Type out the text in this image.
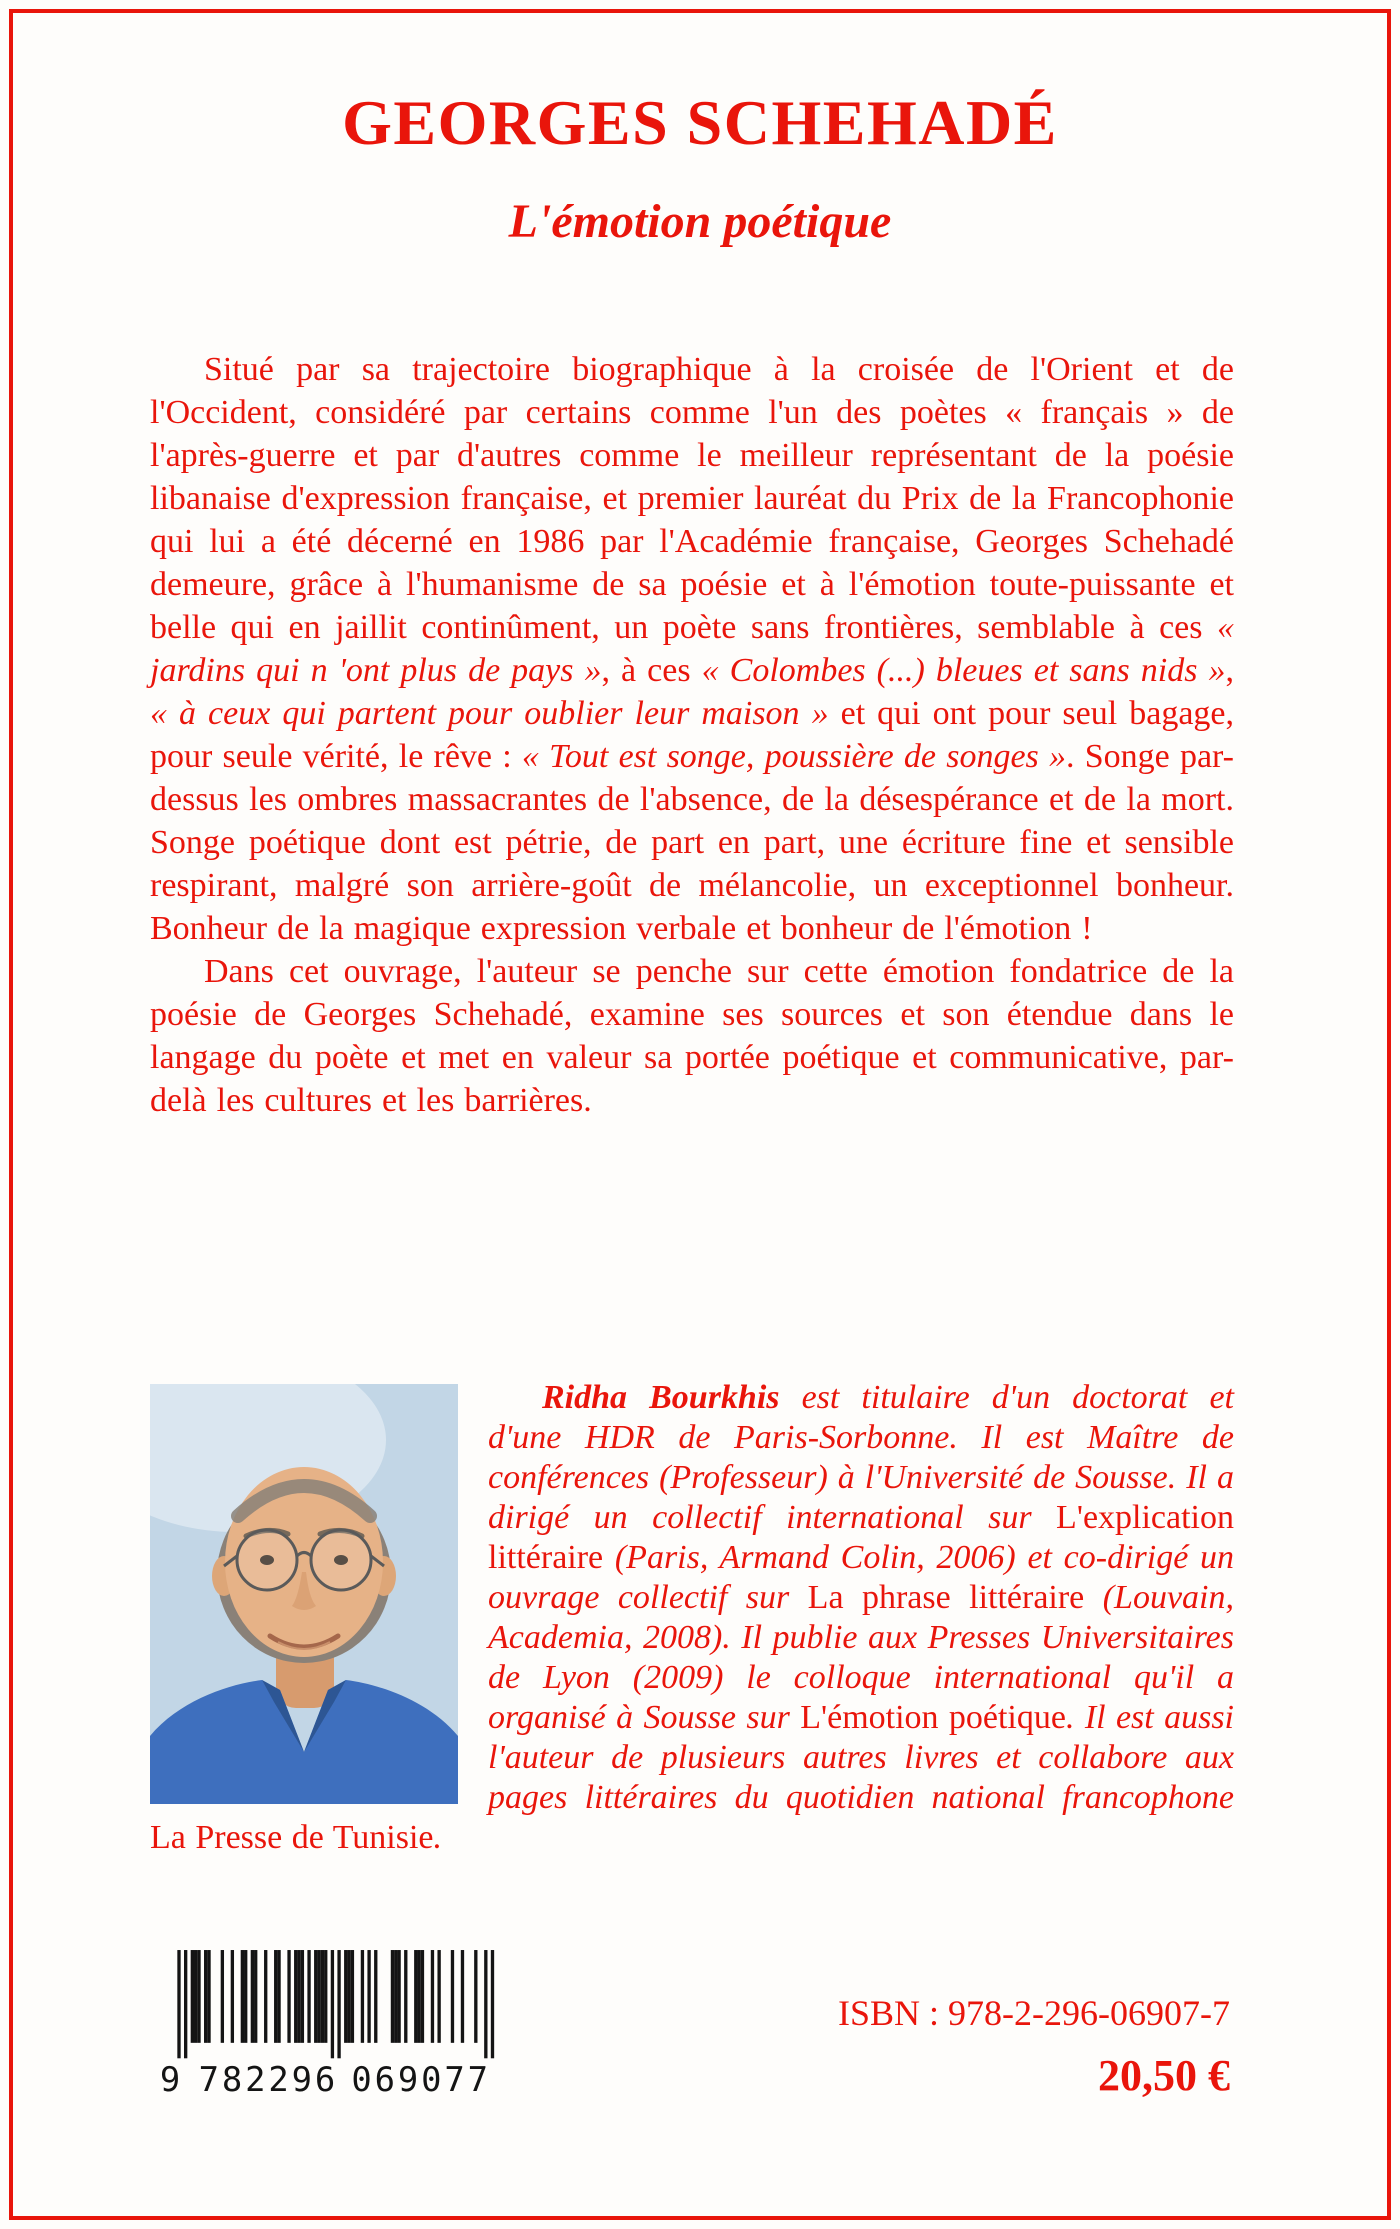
GEORGES SCHEHADÉ
L'émotion poétique

Situé par sa trajectoire biographique à la croisée de l'Orient et de l'Occident, considéré par certains comme l'un des poètes « français » de l'après-guerre et par d'autres comme le meilleur représentant de la poésie libanaise d'expression française, et premier lauréat du Prix de la Francophonie qui lui a été décerné en 1986 par l'Académie française, Georges Schehadé demeure, grâce à l'humanisme de sa poésie et à l'émotion toute-puissante et belle qui en jaillit continûment, un poète sans frontières, semblable à ces « jardins qui n 'ont plus de pays », à ces « Colombes (...) bleues et sans nids », « à ceux qui partent pour oublier leur maison » et qui ont pour seul bagage, pour seule vérité, le rêve : « Tout est songe, poussière de songes ». Songe par-dessus les ombres massacrantes de l'absence, de la désespérance et de la mort. Songe poétique dont est pétrie, de part en part, une écriture fine et sensible respirant, malgré son arrière-goût de mélancolie, un exceptionnel bonheur. Bonheur de la magique expression verbale et bonheur de l'émotion !

Dans cet ouvrage, l'auteur se penche sur cette émotion fondatrice de la poésie de Georges Schehadé, examine ses sources et son étendue dans le langage du poète et met en valeur sa portée poétique et communicative, par-delà les cultures et les barrières.

Ridha Bourkhis est titulaire d'un doctorat et d'une HDR de Paris-Sorbonne. Il est Maître de conférences (Professeur) à l'Université de Sousse. Il a dirigé un collectif international sur L'explication littéraire (Paris, Armand Colin, 2006) et co-dirigé un ouvrage collectif sur La phrase littéraire (Louvain, Academia, 2008). Il publie aux Presses Universitaires de Lyon (2009) le colloque international qu'il a organisé à Sousse sur L'émotion poétique. Il est aussi l'auteur de plusieurs autres livres et collabore aux pages littéraires du quotidien national francophone La Presse de Tunisie.

9 782296 069077
ISBN : 978-2-296-06907-7
20,50 €
